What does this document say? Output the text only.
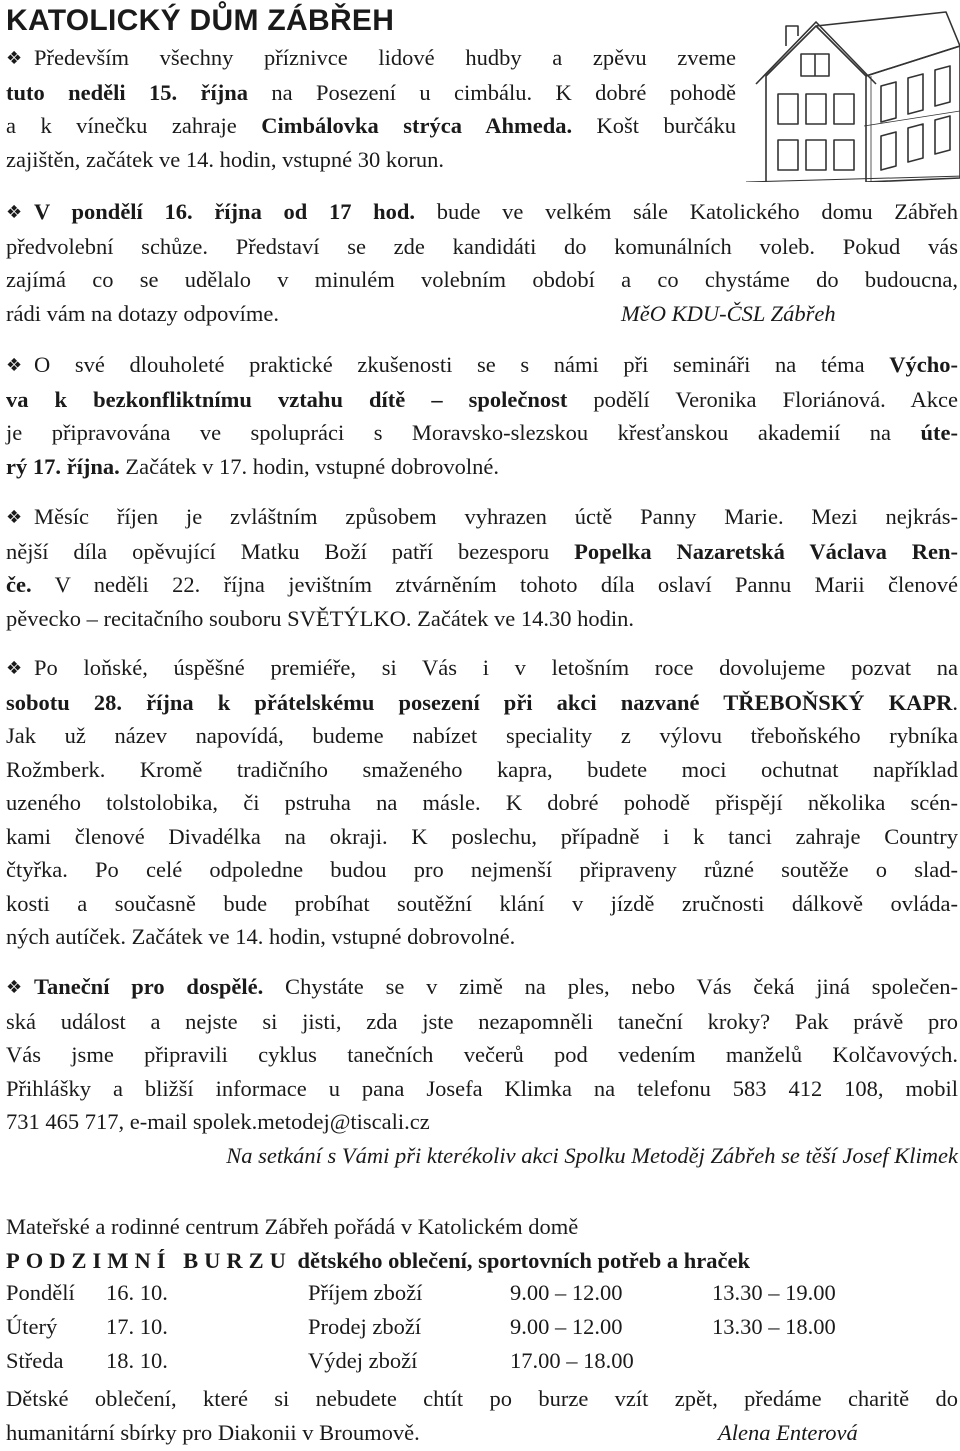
KATOLICKÝ DŮM ZÁBŘEH
❖ Především všechny příznivce lidové hudby a zpěvu zveme
tuto neděli 15. října na Posezení u cimbálu. K dobré pohodě
a k vínečku zahraje Cimbálovka strýca Ahmeda. Košt burčáku
zajištěn, začátek ve 14. hodin, vstupné 30 korun.
❖ V pondělí 16. října od 17 hod. bude ve velkém sále Katolického domu Zábřeh
předvolební schůze. Představí se zde kandidáti do komunálních voleb. Pokud vás
zajímá co se udělalo v minulém volebním období a co chystáme do budoucna,
rádi vám na dotazy odpovíme.	MěO KDU-ČSL Zábřeh
❖ O své dlouholeté praktické zkušenosti se s námi při semináři na téma Výcho-
va k bezkonfliktnímu vztahu dítě – společnost podělí Veronika Floriánová. Akce
je připravována ve spolupráci s Moravsko-slezskou křesťanskou akademií na úte-
rý 17. října. Začátek v 17. hodin, vstupné dobrovolné.
❖ Měsíc říjen je zvláštním způsobem vyhrazen úctě Panny Marie. Mezi nejkrás-
nější díla opěvující Matku Boží patří bezesporu Popelka Nazaretská Václava Ren-
če. V neděli 22. října jevištním ztvárněním tohoto díla oslaví Pannu Marii členové
pěvecko – recitačního souboru SVĚTÝLKO. Začátek ve 14.30 hodin.
❖ Po loňské, úspěšné premiéře, si Vás i v letošním roce dovolujeme pozvat na
sobotu 28. října k přátelskému posezení při akci nazvané TŘEBOŇSKÝ KAPR.
Jak už název napovídá, budeme nabízet speciality z výlovu třeboňského rybníka
Rožmberk. Kromě tradičního smaženého kapra, budete moci ochutnat například
uzeného tolstolobika, či pstruha na másle. K dobré pohodě přispějí několika scén-
kami členové Divadélka na okraji. K poslechu, případně i k tanci zahraje Country
čtyřka. Po celé odpoledne budou pro nejmenší připraveny různé soutěže o slad-
kosti a současně bude probíhat soutěžní klání v jízdě zručnosti dálkově ovláda-
ných autíček. Začátek ve 14. hodin, vstupné dobrovolné.
❖ Taneční pro dospělé. Chystáte se v zimě na ples, nebo Vás čeká jiná společen-
ská událost a nejste si jisti, zda jste nezapomněli taneční kroky? Pak právě pro
Vás jsme připravili cyklus tanečních večerů pod vedením manželů Kolčavových.
Přihlášky a bližší informace u pana Josefa Klimka na telefonu 583 412 108, mobil
731 465 717, e-mail spolek.metodej@tiscali.cz
Na setkání s Vámi při kterékoliv akci Spolku Metoděj Zábřeh se těší Josef Klimek
Mateřské a rodinné centrum Zábřeh pořádá v Katolickém domě
PODZIMNÍ BURZU dětského oblečení, sportovních potřeb a hraček
Pondělí	16. 10.	Příjem zboží	9.00 – 12.00	13.30 – 19.00
Úterý	17. 10.	Prodej zboží	9.00 – 12.00	13.30 – 18.00
Středa	18. 10.	Výdej zboží	17.00 – 18.00	
Dětské oblečení, které si nebudete chtít po burze vzít zpět, předáme charitě do
humanitární sbírky pro Diakonii v Broumově.	Alena Enterová
